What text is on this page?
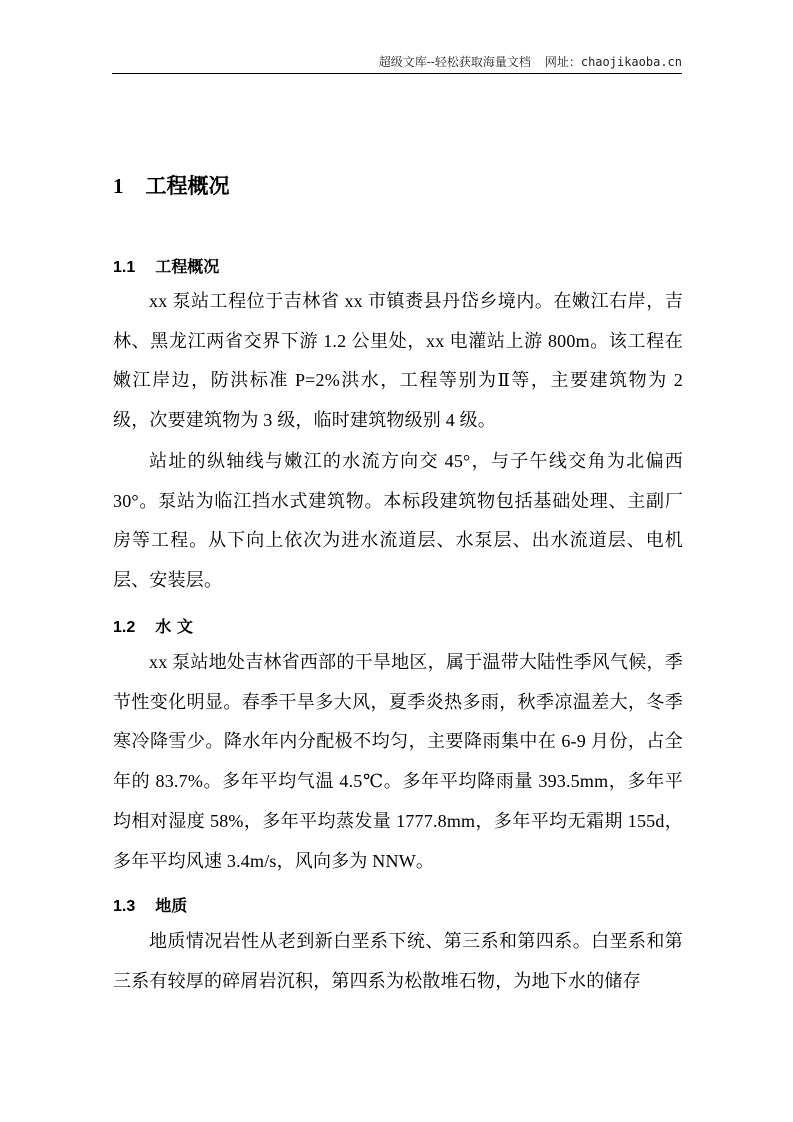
超级文库--轻松获取海量文档 网址：chaojikaoba.cn
1 工程概况
1.1 工程概况

xx 泵站工程位于吉林省 xx 市镇赉县丹岱乡境内。在嫩江右岸，吉林、黑龙江两省交界下游 1.2 公里处，xx 电灌站上游 800m。该工程在嫩江岸边，防洪标准 P=2%洪水，工程等别为Ⅱ等，主要建筑物为 2 级，次要建筑物为 3 级，临时建筑物级别 4 级。

站址的纵轴线与嫩江的水流方向交 45°，与子午线交角为北偏西 30°。泵站为临江挡水式建筑物。本标段建筑物包括基础处理、主副厂房等工程。从下向上依次为进水流道层、水泵层、出水流道层、电机层、安装层。

1.2 水 文

xx 泵站地处吉林省西部的干旱地区，属于温带大陆性季风气候，季节性变化明显。春季干旱多大风，夏季炎热多雨，秋季凉温差大，冬季寒冷降雪少。降水年内分配极不均匀，主要降雨集中在 6-9 月份，占全年的 83.7%。多年平均气温 4.5℃。多年平均降雨量 393.5mm，多年平均相对湿度 58%，多年平均蒸发量 1777.8mm，多年平均无霜期 155d，多年平均风速 3.4m/s，风向多为 NNW。

1.3 地质

地质情况岩性从老到新白垩系下统、第三系和第四系。白垩系和第三系有较厚的碎屑岩沉积，第四系为松散堆石物，为地下水的储存
